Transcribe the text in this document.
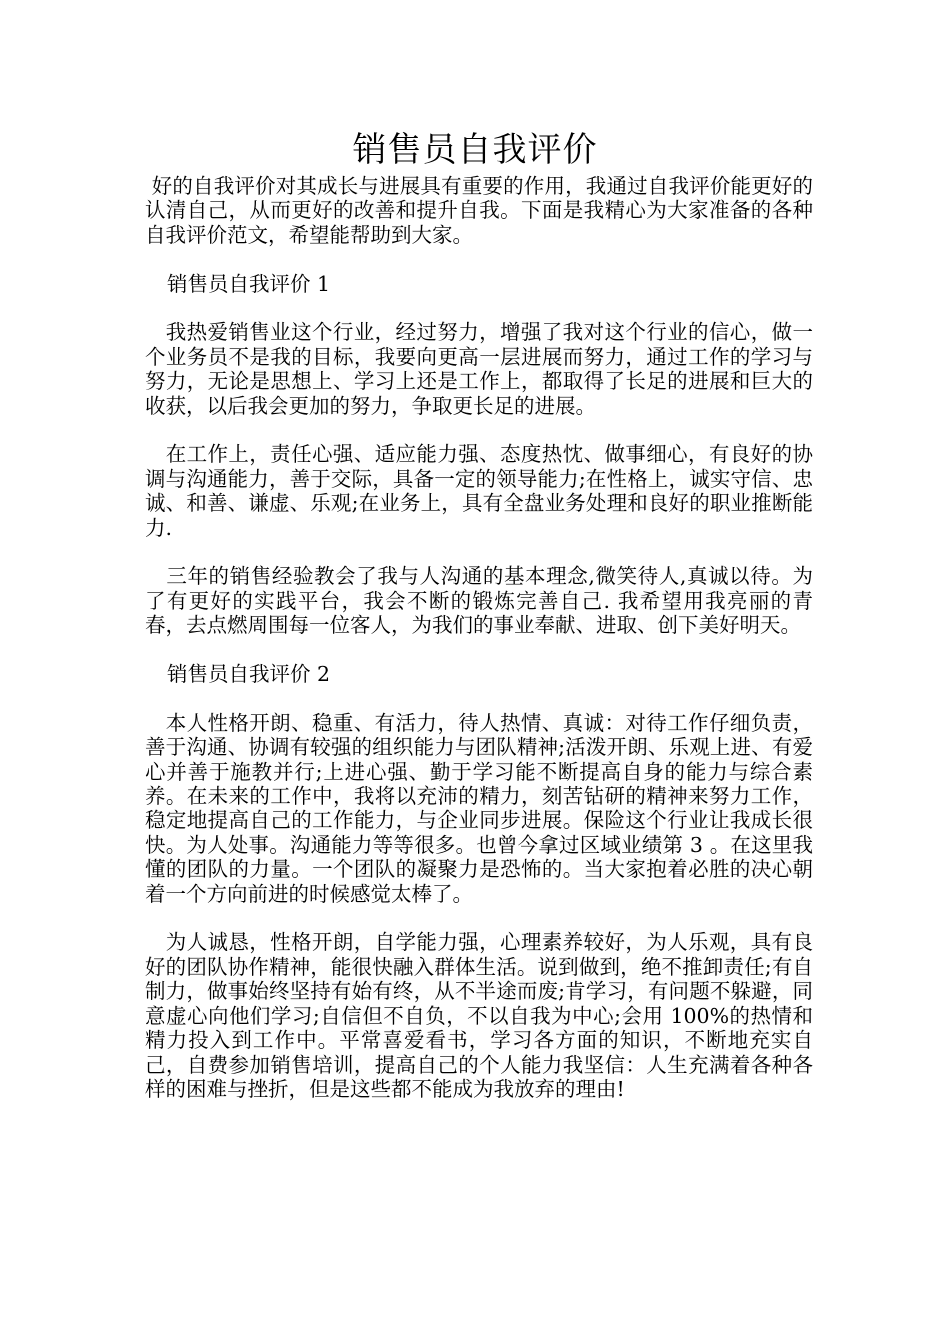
销售员自我评价

好的自我评价对其成长与进展具有重要的作用，我通过自我评价能更好的认清自己，从而更好的改善和提升自我。下面是我精心为大家准备的各种自我评价范文，希望能帮助到大家。

销售员自我评价 1

我热爱销售业这个行业，经过努力，增强了我对这个行业的信心，做一个业务员不是我的目标，我要向更高一层进展而努力，通过工作的学习与努力，无论是思想上、学习上还是工作上，都取得了长足的进展和巨大的收获，以后我会更加的努力，争取更长足的进展。

在工作上，责任心强、适应能力强、态度热忱、做事细心，有良好的协调与沟通能力，善于交际，具备一定的领导能力;在性格上，诚实守信、忠诚、和善、谦虚、乐观;在业务上，具有全盘业务处理和良好的职业推断能力.

三年的销售经验教会了我与人沟通的基本理念,微笑待人,真诚以待。为了有更好的实践平台，我会不断的锻炼完善自己. 我希望用我亮丽的青春，去点燃周围每一位客人，为我们的事业奉献、进取、创下美好明天。

销售员自我评价 2

本人性格开朗、稳重、有活力，待人热情、真诚：对待工作仔细负责，善于沟通、协调有较强的组织能力与团队精神;活泼开朗、乐观上进、有爱心并善于施教并行;上进心强、勤于学习能不断提高自身的能力与综合素养。在未来的工作中，我将以充沛的精力，刻苦钻研的精神来努力工作，稳定地提高自己的工作能力，与企业同步进展。保险这个行业让我成长很快。为人处事。沟通能力等等很多。也曾今拿过区域业绩第 3 。在这里我懂的团队的力量。一个团队的凝聚力是恐怖的。当大家抱着必胜的决心朝着一个方向前进的时候感觉太棒了。

为人诚恳，性格开朗，自学能力强，心理素养较好，为人乐观，具有良好的团队协作精神，能很快融入群体生活。说到做到，绝不推卸责任;有自制力，做事始终坚持有始有终，从不半途而废;肯学习，有问题不躲避，同意虚心向他们学习;自信但不自负，不以自我为中心;会用 100%的热情和精力投入到工作中。平常喜爱看书，学习各方面的知识，不断地充实自己，自费参加销售培训，提高自己的个人能力我坚信：人生充满着各种各样的困难与挫折，但是这些都不能成为我放弃的理由!
